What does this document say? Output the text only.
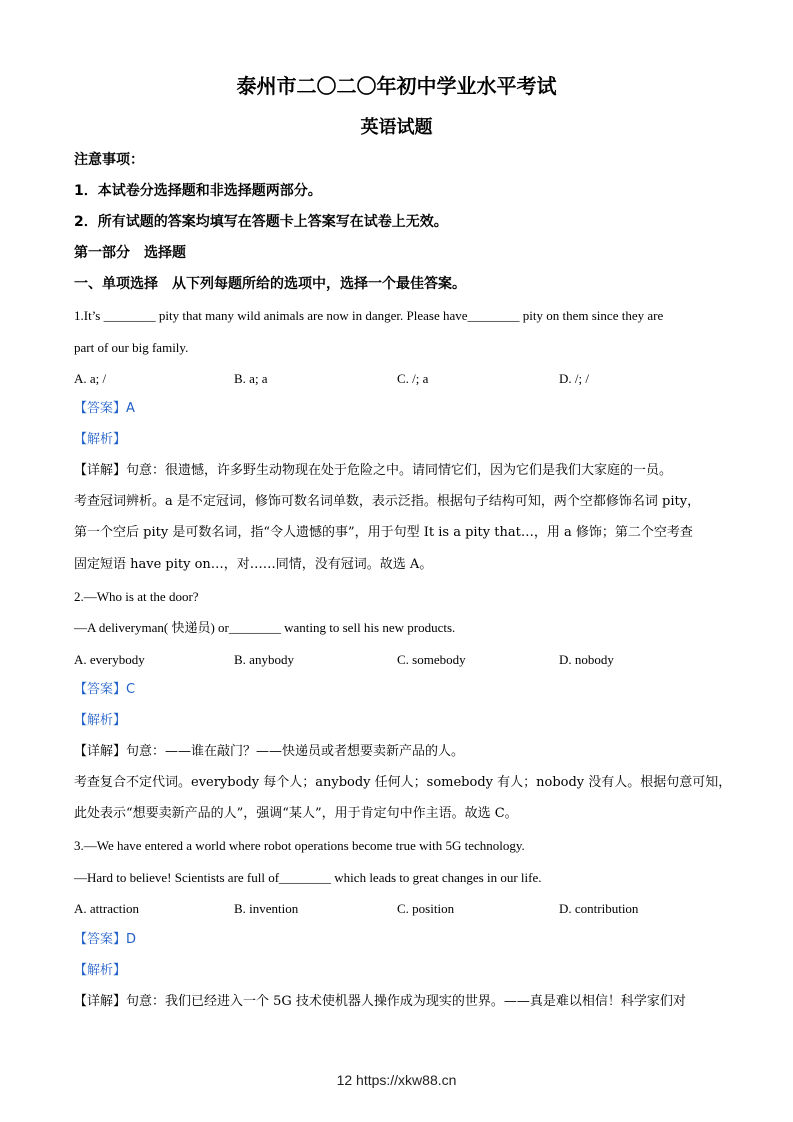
泰州市二〇二〇年初中学业水平考试
英语试题
注意事项：
1．本试卷分选择题和非选择题两部分。
2．所有试题的答案均填写在答题卡上答案写在试卷上无效。
第一部分　选择题
一、单项选择　从下列每题所给的选项中，选择一个最佳答案。
1.It’s ________ pity that many wild animals are now in danger. Please have________ pity on them since they are
part of our big family.
A. a; /	B. a; a	C. /; a	D. /; /
【答案】A
【解析】
【详解】句意：很遗憾，许多野生动物现在处于危险之中。请同情它们，因为它们是我们大家庭的一员。
考查冠词辨析。a 是不定冠词，修饰可数名词单数，表示泛指。根据句子结构可知，两个空都修饰名词 pity，
第一个空后 pity 是可数名词，指“令人遗憾的事”，用于句型 It is a pity that…，用 a 修饰；第二个空考查
固定短语 have pity on…，对……同情，没有冠词。故选 A。
2.—Who is at the door?
—A deliveryman( 快递员) or________ wanting to sell his new products.
A. everybody	B. anybody	C. somebody	D. nobody
【答案】C
【解析】
【详解】句意：——谁在敲门？——快递员或者想要卖新产品的人。
考查复合不定代词。everybody 每个人；anybody 任何人；somebody 有人；nobody 没有人。根据句意可知，
此处表示“想要卖新产品的人”，强调“某人”，用于肯定句中作主语。故选 C。
3.—We have entered a world where robot operations become true with 5G technology.
—Hard to believe! Scientists are full of________ which leads to great changes in our life.
A. attraction	B. invention	C. position	D. contribution
【答案】D
【解析】
【详解】句意：我们已经进入一个 5G 技术使机器人操作成为现实的世界。——真是难以相信！科学家们对
12 https://xkw88.cn
